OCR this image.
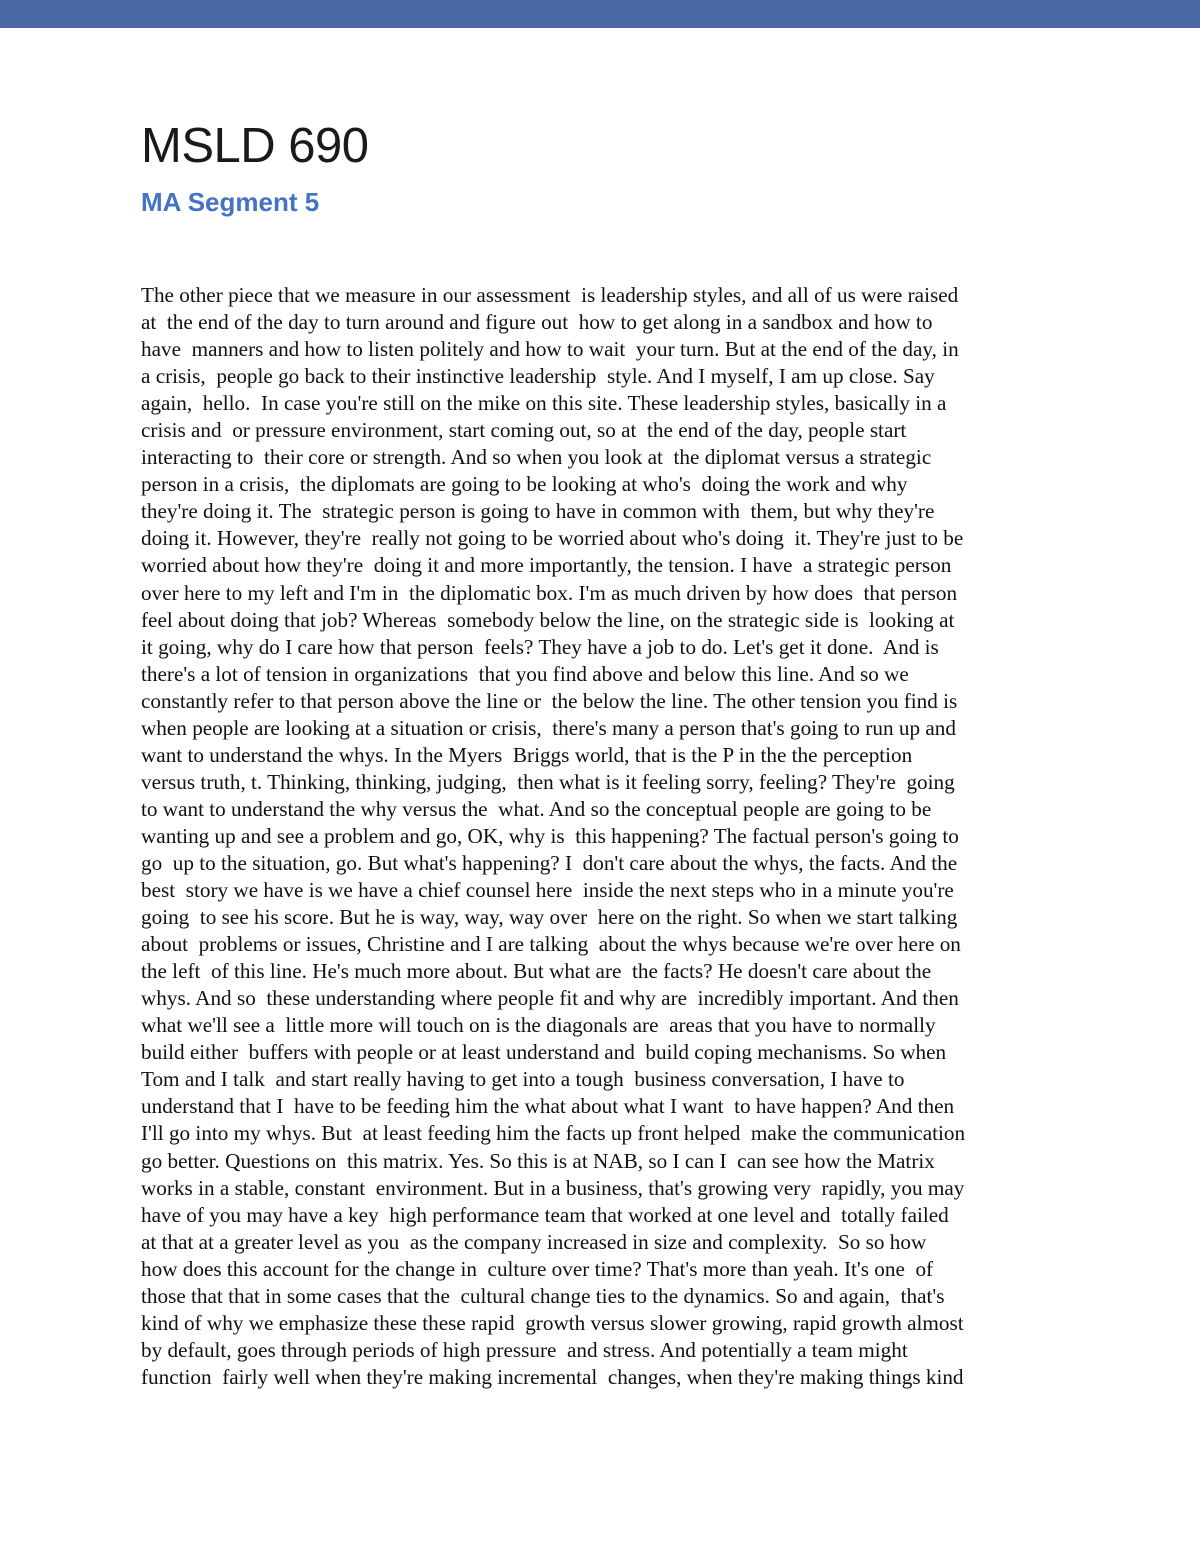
MSLD 690
MA Segment 5
The other piece that we measure in our assessment  is leadership styles, and all of us were raised
at  the end of the day to turn around and figure out  how to get along in a sandbox and how to
have  manners and how to listen politely and how to wait  your turn. But at the end of the day, in
a crisis,  people go back to their instinctive leadership  style. And I myself, I am up close. Say
again,  hello.  In case you're still on the mike on this site. These leadership styles, basically in a
crisis and  or pressure environment, start coming out, so at  the end of the day, people start
interacting to  their core or strength. And so when you look at  the diplomat versus a strategic
person in a crisis,  the diplomats are going to be looking at who's  doing the work and why
they're doing it. The  strategic person is going to have in common with  them, but why they're
doing it. However, they're  really not going to be worried about who's doing  it. They're just to be
worried about how they're  doing it and more importantly, the tension. I have  a strategic person
over here to my left and I'm in  the diplomatic box. I'm as much driven by how does  that person
feel about doing that job? Whereas  somebody below the line, on the strategic side is  looking at
it going, why do I care how that person  feels? They have a job to do. Let's get it done.  And is
there's a lot of tension in organizations  that you find above and below this line. And so we
constantly refer to that person above the line or  the below the line. The other tension you find is
when people are looking at a situation or crisis,  there's many a person that's going to run up and
want to understand the whys. In the Myers  Briggs world, that is the P in the the perception
versus truth, t. Thinking, thinking, judging,  then what is it feeling sorry, feeling? They're  going
to want to understand the why versus the  what. And so the conceptual people are going to be
wanting up and see a problem and go, OK, why is  this happening? The factual person's going to
go  up to the situation, go. But what's happening? I  don't care about the whys, the facts. And the
best  story we have is we have a chief counsel here  inside the next steps who in a minute you're
going  to see his score. But he is way, way, way over  here on the right. So when we start talking
about  problems or issues, Christine and I are talking  about the whys because we're over here on
the left  of this line. He's much more about. But what are  the facts? He doesn't care about the
whys. And so  these understanding where people fit and why are  incredibly important. And then
what we'll see a  little more will touch on is the diagonals are  areas that you have to normally
build either  buffers with people or at least understand and  build coping mechanisms. So when
Tom and I talk  and start really having to get into a tough  business conversation, I have to
understand that I  have to be feeding him the what about what I want  to have happen? And then
I'll go into my whys. But  at least feeding him the facts up front helped  make the communication
go better. Questions on  this matrix. Yes. So this is at NAB, so I can I  can see how the Matrix
works in a stable, constant  environment. But in a business, that's growing very  rapidly, you may
have of you may have a key  high performance team that worked at one level and  totally failed
at that at a greater level as you  as the company increased in size and complexity.  So so how
how does this account for the change in  culture over time? That's more than yeah. It's one  of
those that that in some cases that the  cultural change ties to the dynamics. So and again,  that's
kind of why we emphasize these these rapid  growth versus slower growing, rapid growth almost
by default, goes through periods of high pressure  and stress. And potentially a team might
function  fairly well when they're making incremental  changes, when they're making things kind
